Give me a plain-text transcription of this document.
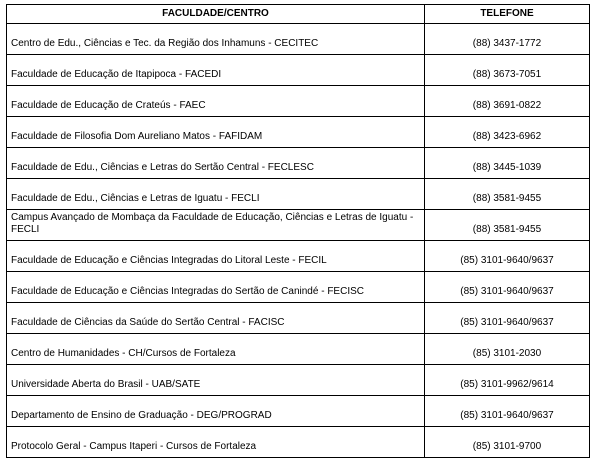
FACULDADE/CENTRO	TELEFONE

Centro de Edu., Ciências e Tec. da Região dos Inhamuns - CECITEC	(88) 3437-1772

Faculdade de Educação de Itapipoca - FACEDI	(88) 3673-7051

Faculdade de Educação de Crateús - FAEC	(88) 3691-0822

Faculdade de Filosofia Dom Aureliano Matos - FAFIDAM	(88) 3423-6962

Faculdade de Edu., Ciências e Letras do Sertão Central - FECLESC	(88) 3445-1039

Faculdade de Edu., Ciências e Letras de Iguatu - FECLI	(88) 3581-9455

Campus Avançado de Mombaça da Faculdade de Educação, Ciências e Letras de Iguatu - FECLI	(88) 3581-9455

Faculdade de Educação e Ciências Integradas do Litoral Leste - FECIL	(85) 3101-9640/9637

Faculdade de Educação e Ciências Integradas do Sertão de Canindé - FECISC	(85) 3101-9640/9637

Faculdade de Ciências da Saúde do Sertão Central - FACISC	(85) 3101-9640/9637

Centro de Humanidades - CH/Cursos de Fortaleza	(85) 3101-2030

Universidade Aberta do Brasil - UAB/SATE	(85) 3101-9962/9614

Departamento de Ensino de Graduação - DEG/PROGRAD	(85) 3101-9640/9637

Protocolo Geral - Campus Itaperi - Cursos de Fortaleza	(85) 3101-9700
